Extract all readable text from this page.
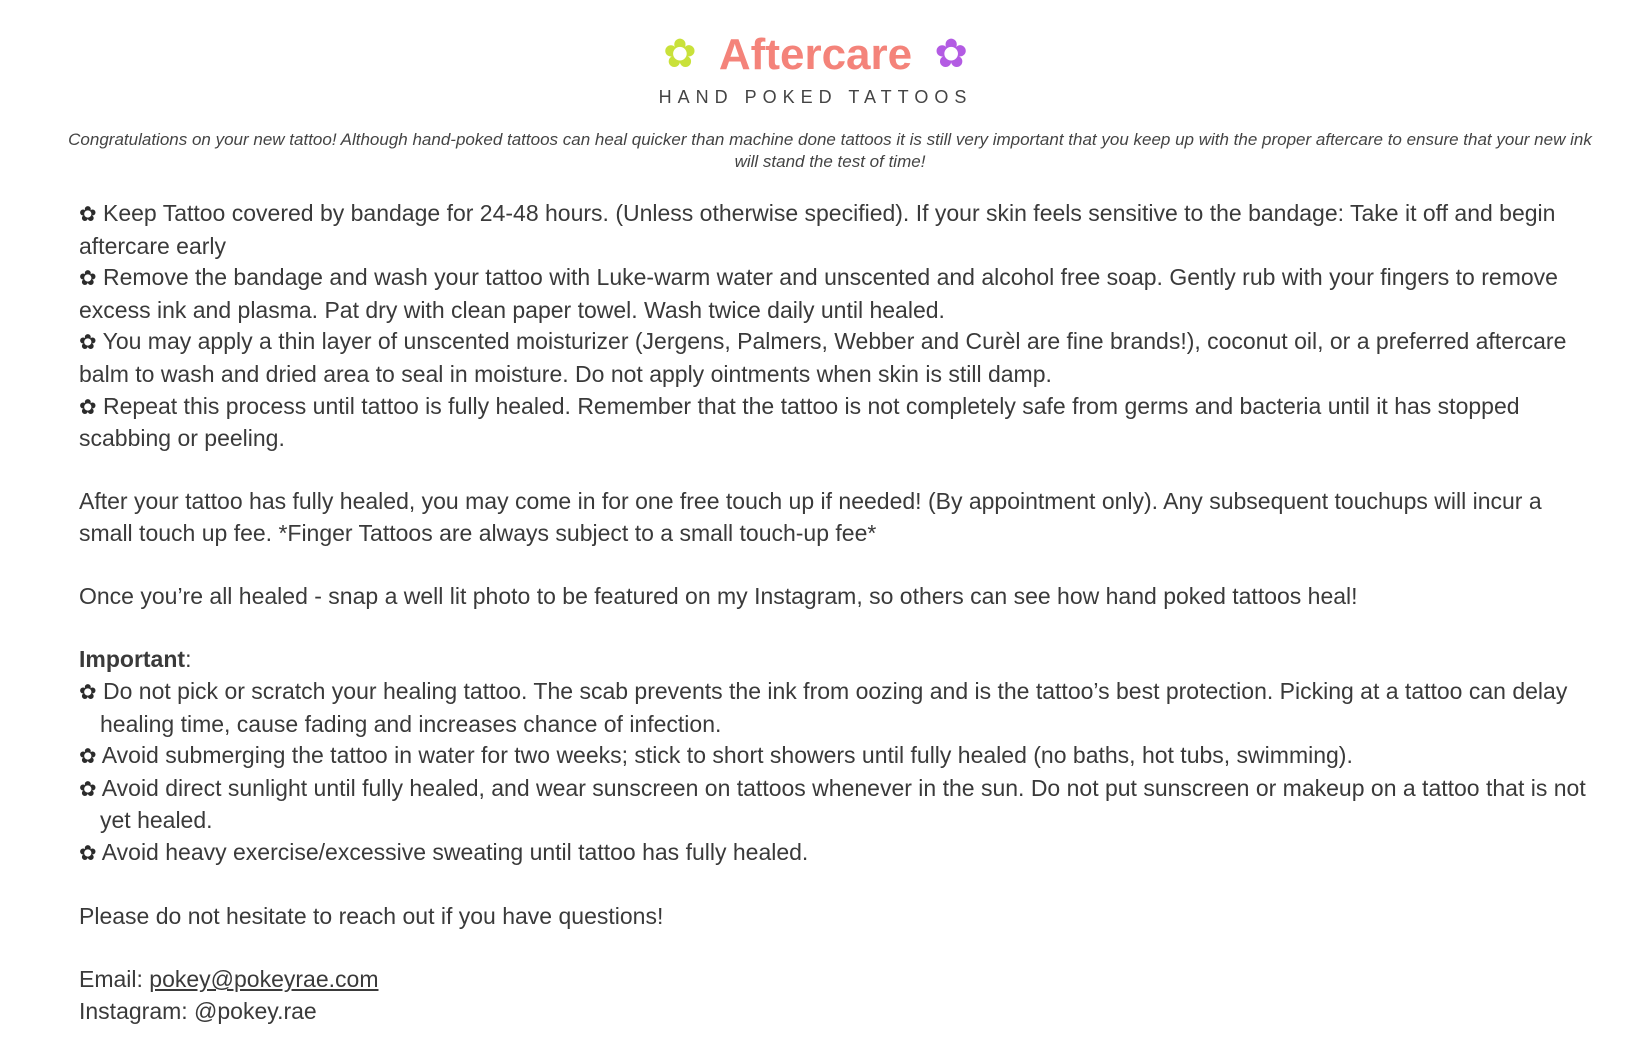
✿ Aftercare ✿
HAND POKED TATTOOS
Congratulations on your new tattoo! Although hand-poked tattoos can heal quicker than machine done tattoos it is still very important that you keep up with the proper aftercare to ensure that your new ink will stand the test of time!

✿ Keep Tattoo covered by bandage for 24-48 hours. (Unless otherwise specified). If your skin feels sensitive to the bandage: Take it off and begin aftercare early

✿ Remove the bandage and wash your tattoo with Luke-warm water and unscented and alcohol free soap. Gently rub with your fingers to remove excess ink and plasma. Pat dry with clean paper towel. Wash twice daily until healed.

✿ You may apply a thin layer of unscented moisturizer (Jergens, Palmers, Webber and Curèl are fine brands!), coconut oil, or a preferred aftercare balm to wash and dried area to seal in moisture. Do not apply ointments when skin is still damp.

✿ Repeat this process until tattoo is fully healed. Remember that the tattoo is not completely safe from germs and bacteria until it has stopped scabbing or peeling.

After your tattoo has fully healed, you may come in for one free touch up if needed! (By appointment only). Any subsequent touchups will incur a small touch up fee. *Finger Tattoos are always subject to a small touch-up fee*

Once you’re all healed - snap a well lit photo to be featured on my Instagram, so others can see how hand poked tattoos heal!

Important:

✿ Do not pick or scratch your healing tattoo. The scab prevents the ink from oozing and is the tattoo’s best protection. Picking at a tattoo can delay healing time, cause fading and increases chance of infection.

✿ Avoid submerging the tattoo in water for two weeks; stick to short showers until fully healed (no baths, hot tubs, swimming).

✿ Avoid direct sunlight until fully healed, and wear sunscreen on tattoos whenever in the sun. Do not put sunscreen or makeup on a tattoo that is not yet healed.

✿ Avoid heavy exercise/excessive sweating until tattoo has fully healed.

Please do not hesitate to reach out if you have questions!

Email: pokey@pokeyrae.com

Instagram: @pokey.rae
